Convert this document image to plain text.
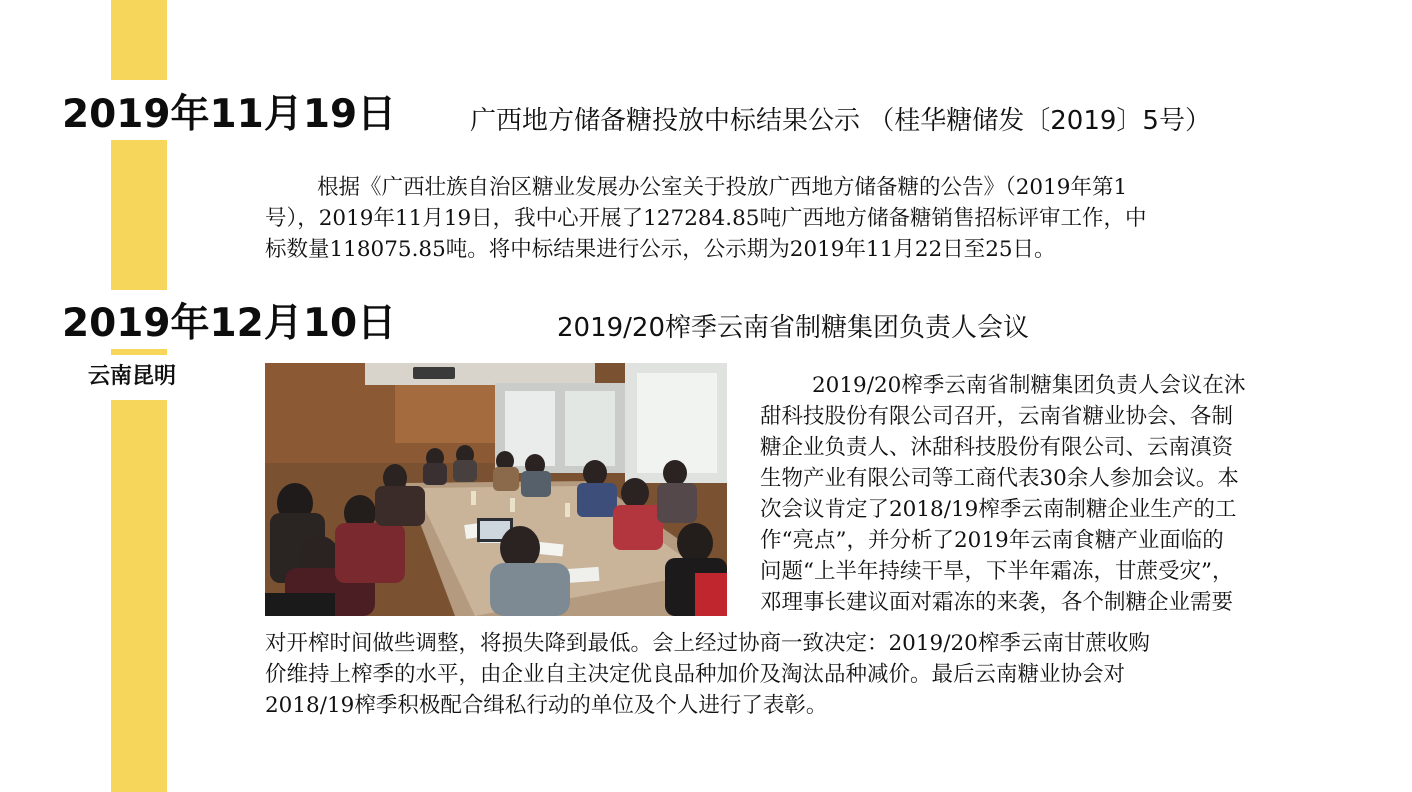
2019年11月19日	广西地方储备糖投放中标结果公示 （桂华糖储发〔2019〕5号）
根据《广西壮族自治区糖业发展办公室关于投放广西地方储备糖的公告》（2019年第1
号），2019年11月19日，我中心开展了127284.85吨广西地方储备糖销售招标评审工作，中
标数量118075.85吨。将中标结果进行公示，公示期为2019年11月22日至25日。
2019年12月10日	2019/20榨季云南省制糖集团负责人会议
云南昆明	2019/20榨季云南省制糖集团负责人会议在沐
甜科技股份有限公司召开，云南省糖业协会、各制
糖企业负责人、沐甜科技股份有限公司、云南滇资
生物产业有限公司等工商代表30余人参加会议。本
次会议肯定了2018/19榨季云南制糖企业生产的工
作“亮点”，并分析了2019年云南食糖产业面临的
问题“上半年持续干旱，下半年霜冻，甘蔗受灾”，
邓理事长建议面对霜冻的来袭，各个制糖企业需要
对开榨时间做些调整，将损失降到最低。会上经过协商一致决定：2019/20榨季云南甘蔗收购
价维持上榨季的水平，由企业自主决定优良品种加价及淘汰品种减价。最后云南糖业协会对
2018/19榨季积极配合缉私行动的单位及个人进行了表彰。
